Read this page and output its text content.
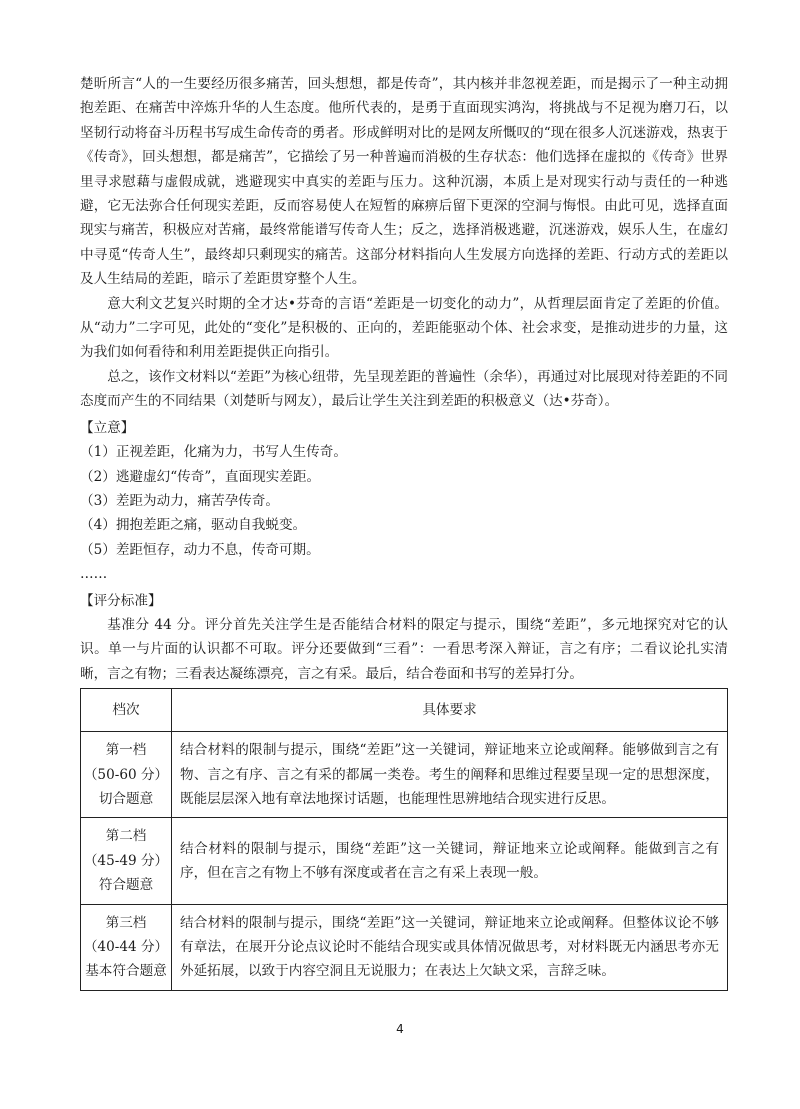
楚昕所言“人的一生要经历很多痛苦，回头想想，都是传奇”，其内核并非忽视差距，而是揭示了一种主动拥抱差距、在痛苦中淬炼升华的人生态度。他所代表的，是勇于直面现实鸿沟，将挑战与不足视为磨刀石，以坚韧行动将奋斗历程书写成生命传奇的勇者。形成鲜明对比的是网友所慨叹的“现在很多人沉迷游戏，热衷于《传奇》，回头想想，都是痛苦”，它描绘了另一种普遍而消极的生存状态：他们选择在虚拟的《传奇》世界里寻求慰藉与虚假成就，逃避现实中真实的差距与压力。这种沉溺，本质上是对现实行动与责任的一种逃避，它无法弥合任何现实差距，反而容易使人在短暂的麻痹后留下更深的空洞与悔恨。由此可见，选择直面现实与痛苦，积极应对苦痛，最终常能谱写传奇人生；反之，选择消极逃避，沉迷游戏，娱乐人生，在虚幻中寻觅“传奇人生”，最终却只剩现实的痛苦。这部分材料指向人生发展方向选择的差距、行动方式的差距以及人生结局的差距，暗示了差距贯穿整个人生。

意大利文艺复兴时期的全才达•芬奇的言语“差距是一切变化的动力”，从哲理层面肯定了差距的价值。从“动力”二字可见，此处的“变化”是积极的、正向的，差距能驱动个体、社会求变，是推动进步的力量，这为我们如何看待和利用差距提供正向指引。

总之，该作文材料以“差距”为核心纽带，先呈现差距的普遍性（余华），再通过对比展现对待差距的不同态度而产生的不同结果（刘楚昕与网友），最后让学生关注到差距的积极意义（达•芬奇）。

【立意】

（1）正视差距，化痛为力，书写人生传奇。

（2）逃避虚幻“传奇”，直面现实差距。

（3）差距为动力，痛苦孕传奇。

（4）拥抱差距之痛，驱动自我蜕变。

（5）差距恒存，动力不息，传奇可期。

……

【评分标准】

基准分 44 分。评分首先关注学生是否能结合材料的限定与提示，围绕“差距”，多元地探究对它的认识。单一与片面的认识都不可取。评分还要做到“三看”：一看思考深入辩证，言之有序；二看议论扎实清晰，言之有物；三看表达凝练漂亮，言之有采。最后，结合卷面和书写的差异打分。

档次	具体要求

第一档
（50-60 分）
切合题意	结合材料的限制与提示，围绕“差距”这一关键词，辩证地来立论或阐释。能够做到言之有物、言之有序、言之有采的都属一类卷。考生的阐释和思维过程要呈现一定的思想深度，既能层层深入地有章法地探讨话题，也能理性思辨地结合现实进行反思。

第二档
（45-49 分）
符合题意	结合材料的限制与提示，围绕“差距”这一关键词，辩证地来立论或阐释。能做到言之有序，但在言之有物上不够有深度或者在言之有采上表现一般。

第三档
（40-44 分）
基本符合题意	结合材料的限制与提示，围绕“差距”这一关键词，辩证地来立论或阐释。但整体议论不够有章法，在展开分论点议论时不能结合现实或具体情况做思考，对材料既无内涵思考亦无外延拓展，以致于内容空洞且无说服力；在表达上欠缺文采，言辞乏味。
4
